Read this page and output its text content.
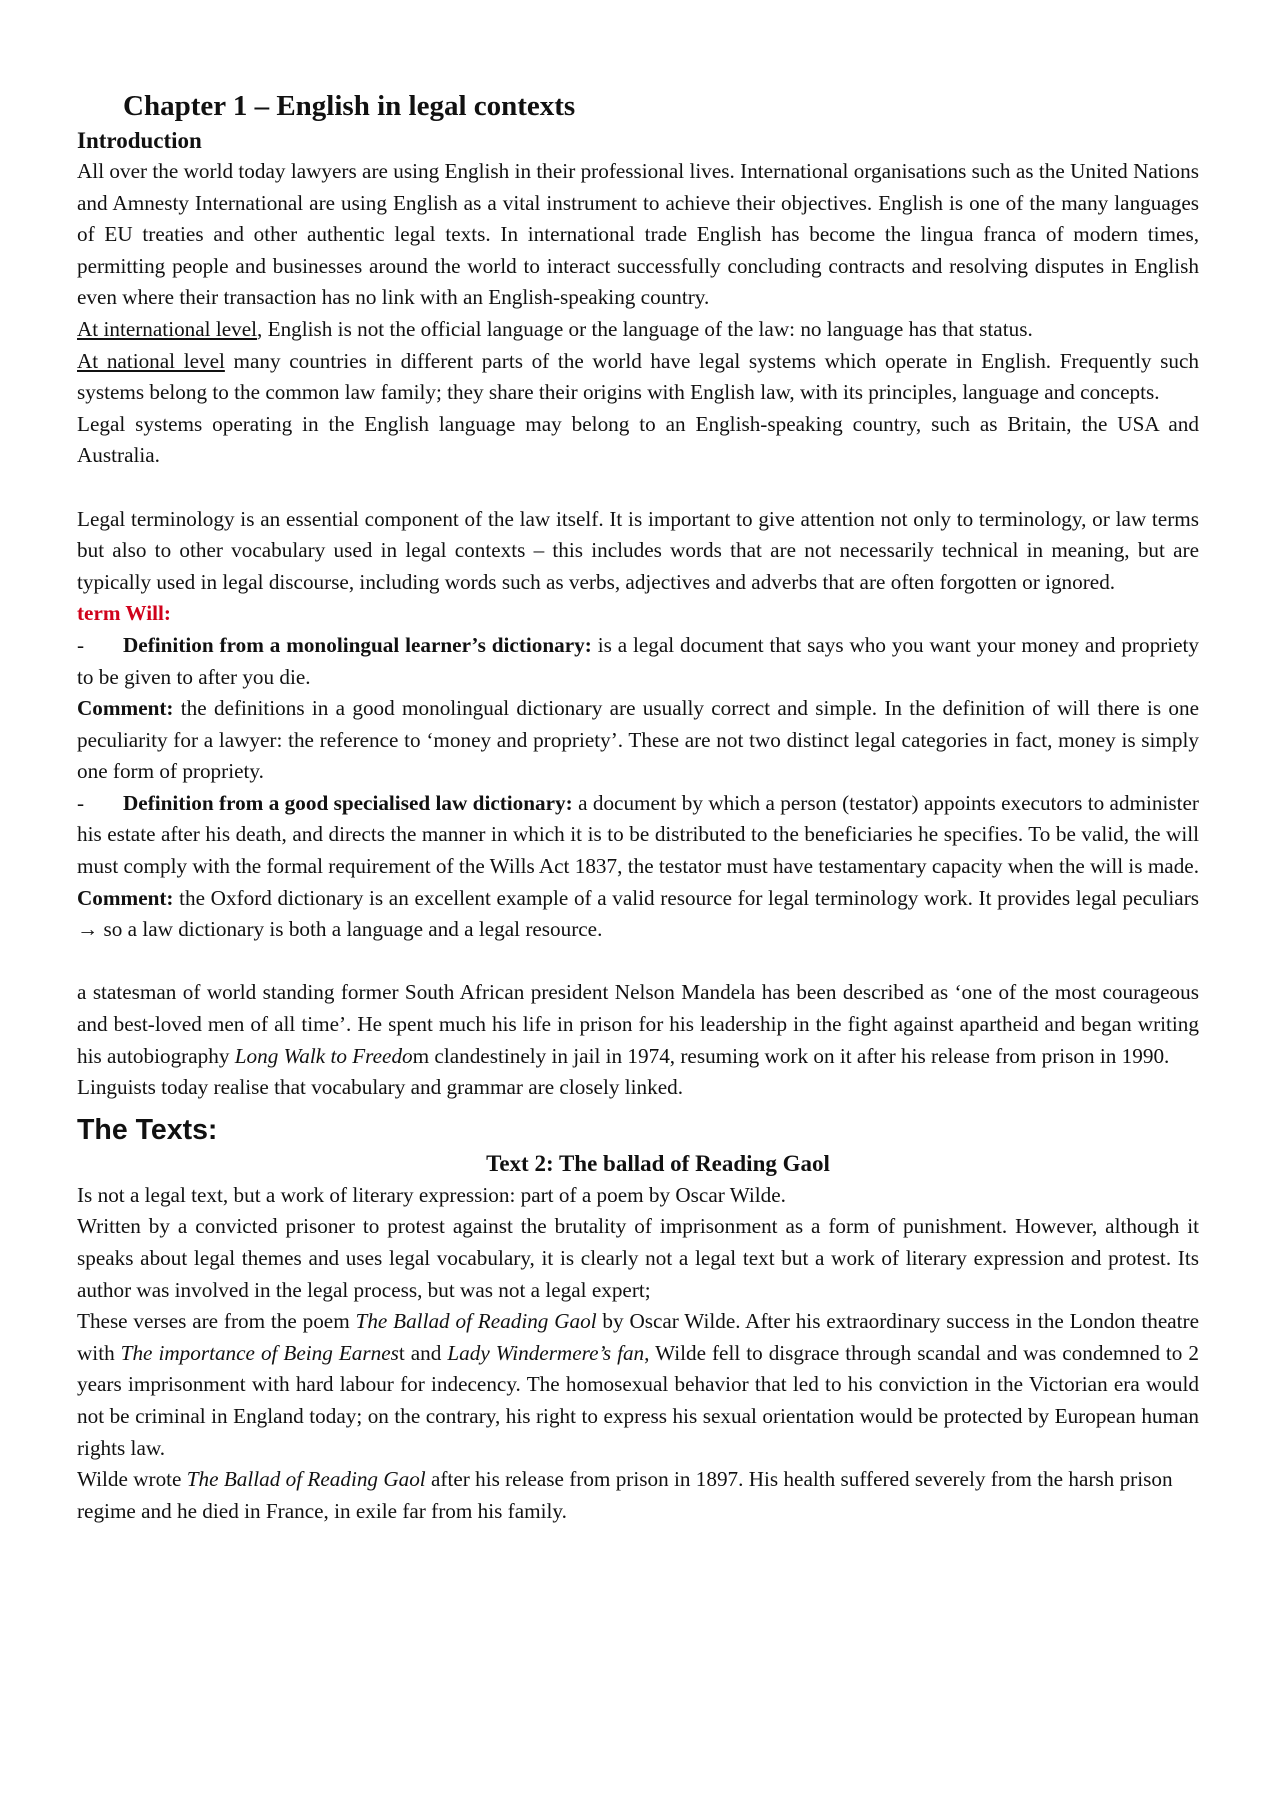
Chapter 1 – English in legal contexts
Introduction

All over the world today lawyers are using English in their professional lives. International organisations such as the United Nations and Amnesty International are using English as a vital instrument to achieve their objectives. English is one of the many languages of EU treaties and other authentic legal texts. In international trade English has become the lingua franca of modern times, permitting people and businesses around the world to interact successfully concluding contracts and resolving disputes in English even where their transaction has no link with an English-speaking country.

At international level, English is not the official language or the language of the law: no language has that status.

At national level many countries in different parts of the world have legal systems which operate in English. Frequently such systems belong to the common law family; they share their origins with English law, with its principles, language and concepts.

Legal systems operating in the English language may belong to an English-speaking country, such as Britain, the USA and Australia.

Legal terminology is an essential component of the law itself. It is important to give attention not only to terminology, or law terms but also to other vocabulary used in legal contexts – this includes words that are not necessarily technical in meaning, but are typically used in legal discourse, including words such as verbs, adjectives and adverbs that are often forgotten or ignored.

term Will:

- Definition from a monolingual learner’s dictionary: is a legal document that says who you want your money and propriety to be given to after you die.

Comment: the definitions in a good monolingual dictionary are usually correct and simple. In the definition of will there is one peculiarity for a lawyer: the reference to ‘money and propriety’. These are not two distinct legal categories in fact, money is simply one form of propriety.

- Definition from a good specialised law dictionary: a document by which a person (testator) appoints executors to administer his estate after his death, and directs the manner in which it is to be distributed to the beneficiaries he specifies. To be valid, the will must comply with the formal requirement of the Wills Act 1837, the testator must have testamentary capacity when the will is made.

Comment: the Oxford dictionary is an excellent example of a valid resource for legal terminology work. It provides legal peculiars → so a law dictionary is both a language and a legal resource.

a statesman of world standing former South African president Nelson Mandela has been described as ‘one of the most courageous and best-loved men of all time’. He spent much his life in prison for his leadership in the fight against apartheid and began writing his autobiography Long Walk to Freedom clandestinely in jail in 1974, resuming work on it after his release from prison in 1990.

Linguists today realise that vocabulary and grammar are closely linked.

The Texts:

Text 2: The ballad of Reading Gaol

Is not a legal text, but a work of literary expression: part of a poem by Oscar Wilde.

Written by a convicted prisoner to protest against the brutality of imprisonment as a form of punishment. However, although it speaks about legal themes and uses legal vocabulary, it is clearly not a legal text but a work of literary expression and protest. Its author was involved in the legal process, but was not a legal expert;

These verses are from the poem The Ballad of Reading Gaol by Oscar Wilde. After his extraordinary success in the London theatre with The importance of Being Earnest and Lady Windermere’s fan, Wilde fell to disgrace through scandal and was condemned to 2 years imprisonment with hard labour for indecency. The homosexual behavior that led to his conviction in the Victorian era would not be criminal in England today; on the contrary, his right to express his sexual orientation would be protected by European human rights law.

Wilde wrote The Ballad of Reading Gaol after his release from prison in 1897. His health suffered severely from the harsh prison regime and he died in France, in exile far from his family.
